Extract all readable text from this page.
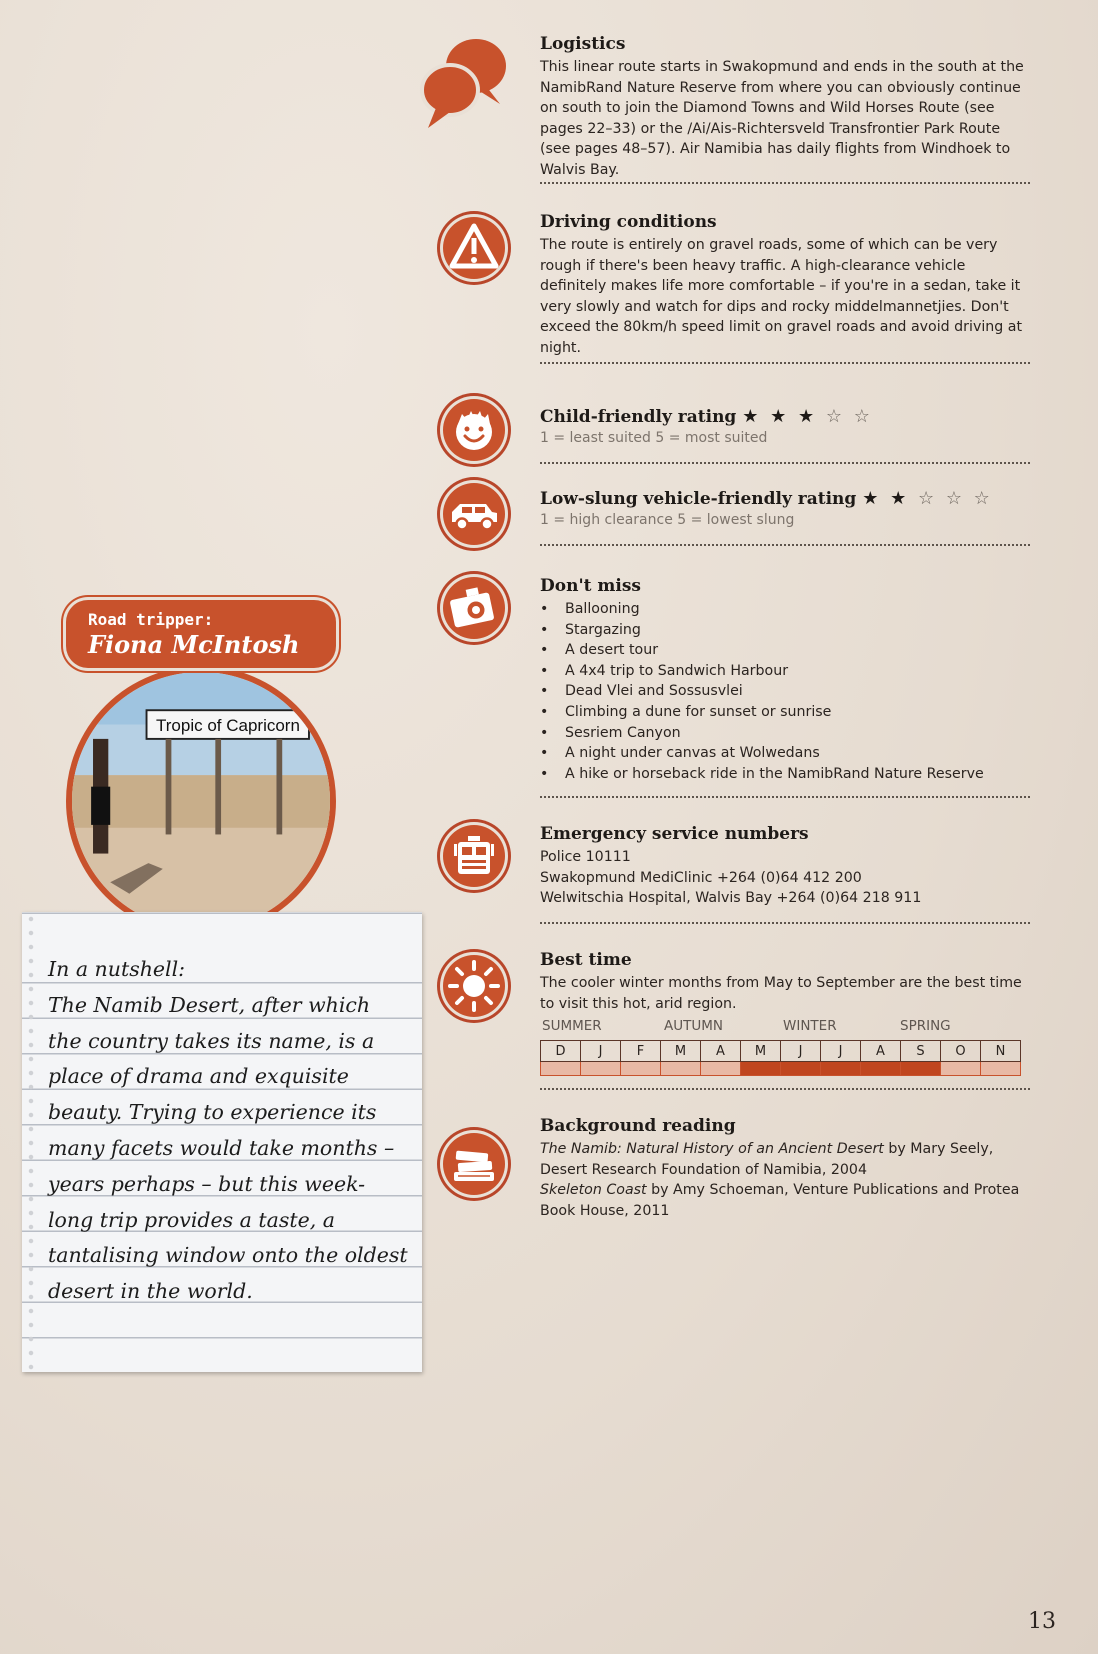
Logistics

This linear route starts in Swakopmund and ends in the south at the NamibRand Nature Reserve from where you can obviously continue on south to join the Diamond Towns and Wild Horses Route (see pages 22–33) or the /Ai/Ais-Richtersveld Transfrontier Park Route (see pages 48–57). Air Namibia has daily flights from Windhoek to Walvis Bay.

Driving conditions

The route is entirely on gravel roads, some of which can be very rough if there's been heavy traffic. A high-clearance vehicle definitely makes life more comfortable – if you're in a sedan, take it very slowly and watch for dips and rocky middelmannetjies. Don't exceed the 80km/h speed limit on gravel roads and avoid driving at night.

Child-friendly rating ★ ★ ★ ☆ ☆

1 = least suited 5 = most suited

Low-slung vehicle-friendly rating ★ ★ ☆ ☆ ☆

1 = high clearance 5 = lowest slung

Don't miss

• Ballooning
• Stargazing
• A desert tour
• A 4x4 trip to Sandwich Harbour
• Dead Vlei and Sossusvlei
• Climbing a dune for sunset or sunrise
• Sesriem Canyon
• A night under canvas at Wolwedans
• A hike or horseback ride in the NamibRand Nature Reserve

Emergency service numbers

Police 10111

Swakopmund MediClinic +264 (0)64 412 200

Welwitschia Hospital, Walvis Bay +264 (0)64 218 911

Best time

The cooler winter months from May to September are the best time to visit this hot, arid region.

SUMMER	AUTUMN	WINTER	SPRING
D	J	F	M	A	M	J	J	A	S	O	N

Background reading

The Namib: Natural History of an Ancient Desert by Mary Seely, Desert Research Foundation of Namibia, 2004

Skeleton Coast by Amy Schoeman, Venture Publications and Protea Book House, 2011

Tropic of Capricorn
Road tripper:
Fiona McIntosh
In a nutshell:
The Namib Desert, after which the country takes its name, is a place of drama and exquisite beauty. Trying to experience its many facets would take months – years perhaps – but this week-long trip provides a taste, a tantalising window onto the oldest desert in the world.
13
